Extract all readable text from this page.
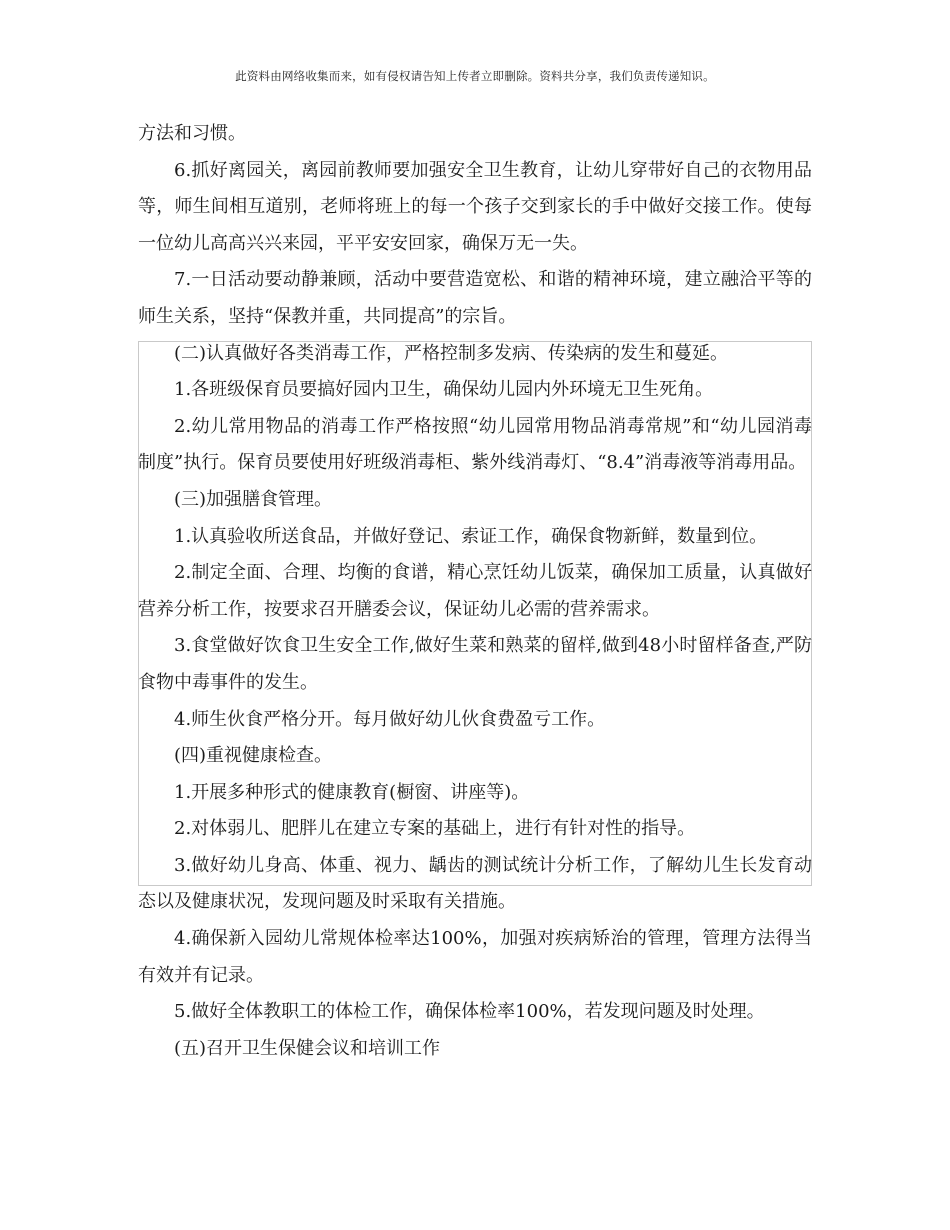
此资料由网络收集而来，如有侵权请告知上传者立即删除。资料共分享，我们负责传递知识。

方法和习惯。

6.抓好离园关，离园前教师要加强安全卫生教育，让幼儿穿带好自己的衣物用品等，师生间相互道别，老师将班上的每一个孩子交到家长的手中做好交接工作。使每一位幼儿高高兴兴来园，平平安安回家，确保万无一失。

7.一日活动要动静兼顾，活动中要营造宽松、和谐的精神环境，建立融洽平等的师生关系，坚持“保教并重，共同提高”的宗旨。

(二)认真做好各类消毒工作，严格控制多发病、传染病的发生和蔓延。

1.各班级保育员要搞好园内卫生，确保幼儿园内外环境无卫生死角。

2.幼儿常用物品的消毒工作严格按照“幼儿园常用物品消毒常规”和“幼儿园消毒制度”执行。保育员要使用好班级消毒柜、紫外线消毒灯、“8.4”消毒液等消毒用品。

(三)加强膳食管理。

1.认真验收所送食品，并做好登记、索证工作，确保食物新鲜，数量到位。

2.制定全面、合理、均衡的食谱，精心烹饪幼儿饭菜，确保加工质量，认真做好营养分析工作，按要求召开膳委会议，保证幼儿必需的营养需求。

3.食堂做好饮食卫生安全工作,做好生菜和熟菜的留样,做到48小时留样备查,严防食物中毒事件的发生。

4.师生伙食严格分开。每月做好幼儿伙食费盈亏工作。

(四)重视健康检查。

1.开展多种形式的健康教育(橱窗、讲座等)。

2.对体弱儿、肥胖儿在建立专案的基础上，进行有针对性的指导。

3.做好幼儿身高、体重、视力、龋齿的测试统计分析工作，了解幼儿生长发育动态以及健康状况，发现问题及时采取有关措施。

4.确保新入园幼儿常规体检率达100%，加强对疾病矫治的管理，管理方法得当有效并有记录。

5.做好全体教职工的体检工作，确保体检率100%，若发现问题及时处理。

(五)召开卫生保健会议和培训工作
